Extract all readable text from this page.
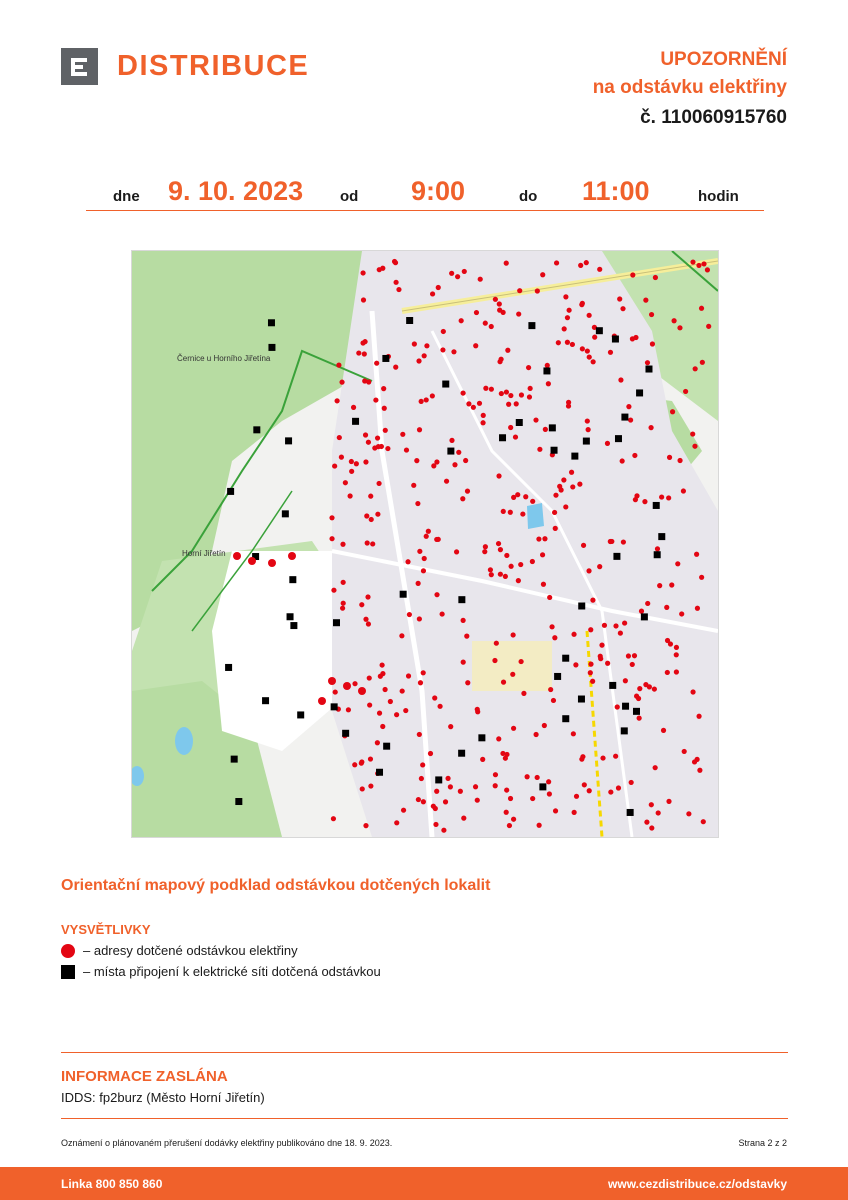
DISTRIBUCE	UPOZORNĚNÍ
na odstávku elektřiny
č. 110060915760
dne 9. 10. 2023 od 9:00	do 11:00	hodin
Černice u Horního Jiřetína
Horní Jiřetín
Orientační mapový podklad odstávkou dotčených lokalit
VYSVĚTLIVKY
– adresy dotčené odstávkou elektřiny
– místa připojení k elektrické síti dotčená odstávkou
INFORMACE ZASLÁNA
IDDS: fp2burz (Město Horní Jiřetín)
Oznámení o plánovaném přerušení dodávky elektřiny publikováno dne 18. 9. 2023.	Strana 2 z 2
Linka 800 850 860	www.cezdistribuce.cz/odstavky
